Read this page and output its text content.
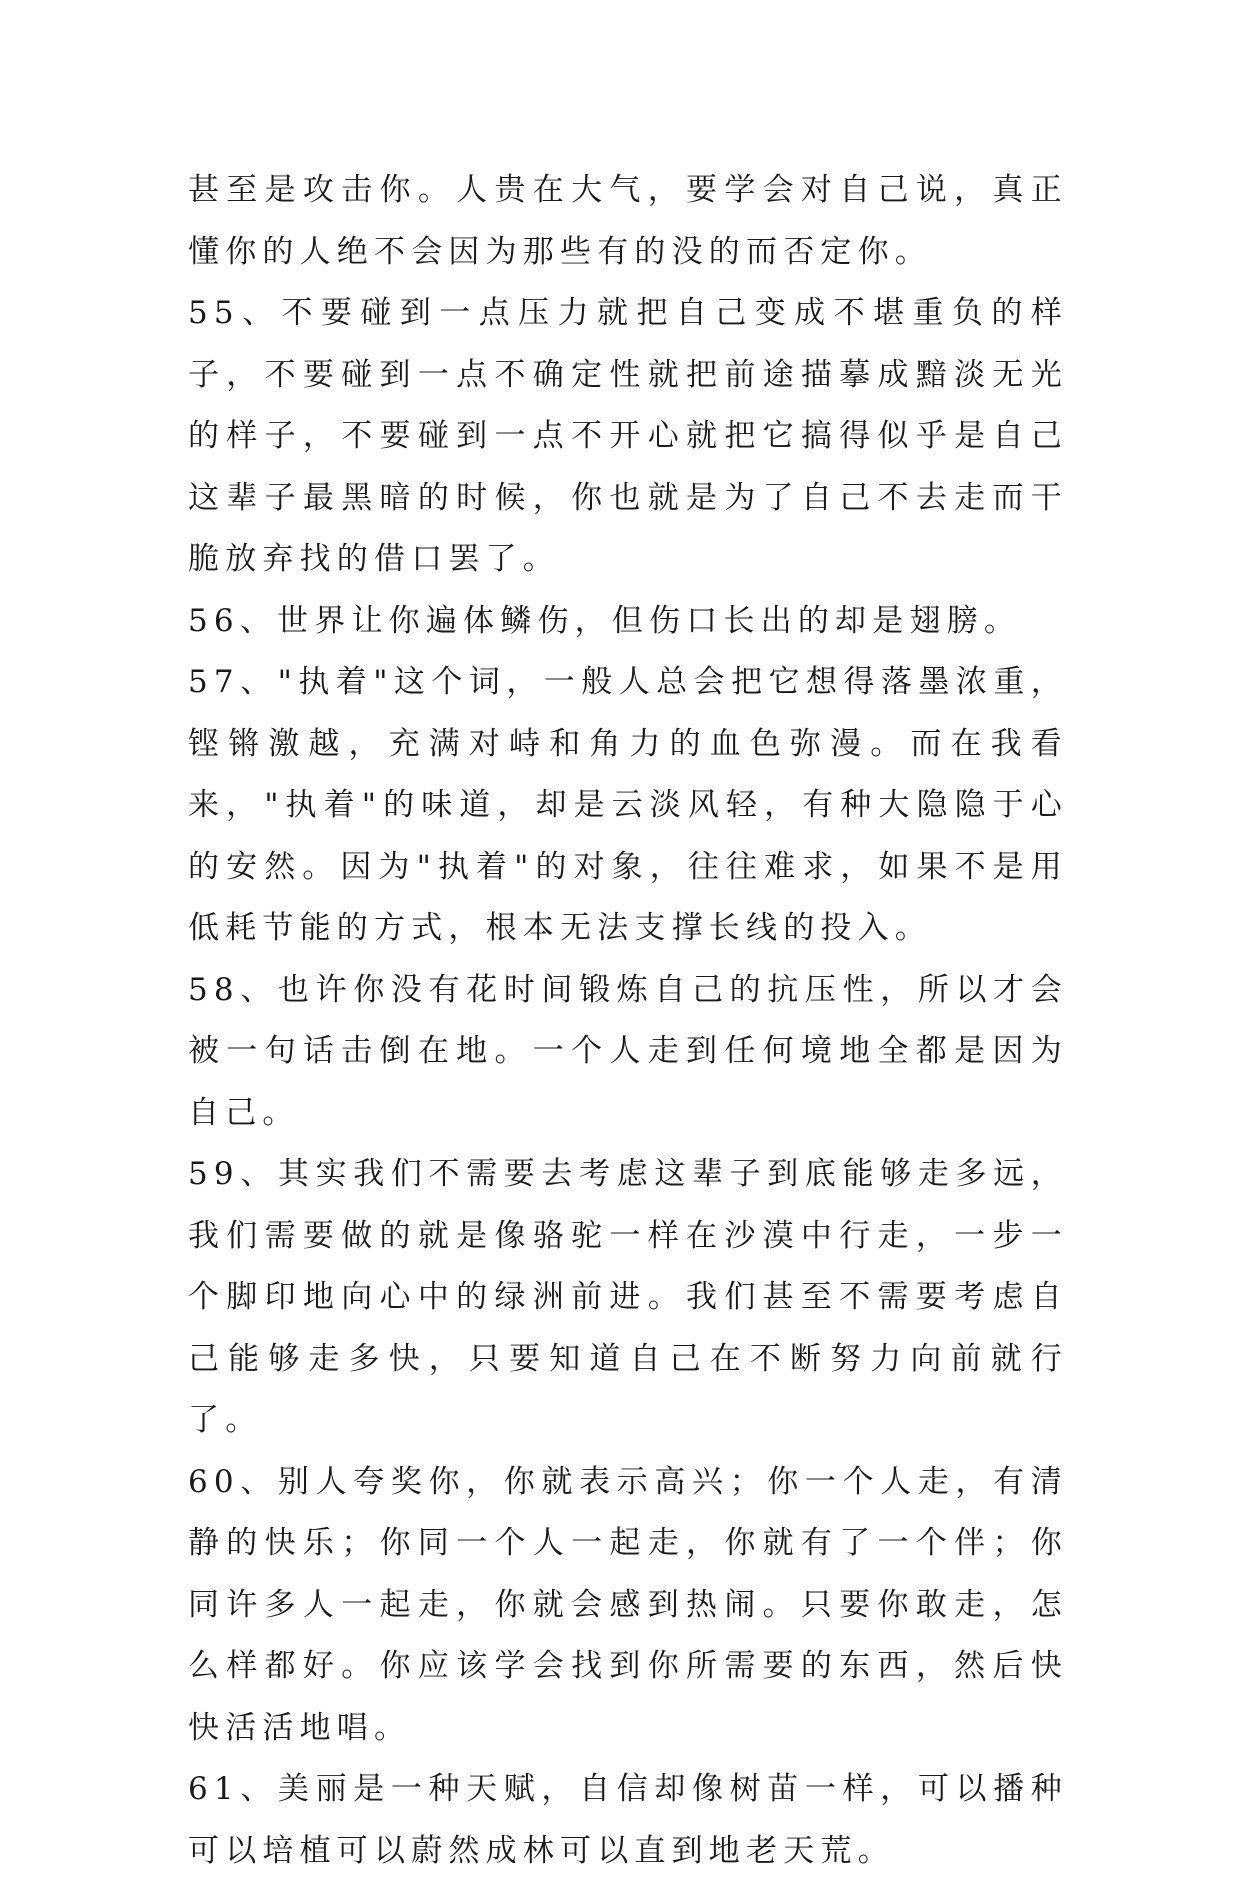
甚至是攻击你。人贵在大气，要学会对自己说，真正懂你的人绝不会因为那些有的没的而否定你。

55、不要碰到一点压力就把自己变成不堪重负的样子，不要碰到一点不确定性就把前途描摹成黯淡无光的样子，不要碰到一点不开心就把它搞得似乎是自己这辈子最黑暗的时候，你也就是为了自己不去走而干脆放弃找的借口罢了。

56、世界让你遍体鳞伤，但伤口长出的却是翅膀。

57、"执着"这个词，一般人总会把它想得落墨浓重，铿锵激越，充满对峙和角力的血色弥漫。而在我看来，"执着"的味道，却是云淡风轻，有种大隐隐于心的安然。因为"执着"的对象，往往难求，如果不是用低耗节能的方式，根本无法支撑长线的投入。

58、也许你没有花时间锻炼自己的抗压性，所以才会被一句话击倒在地。一个人走到任何境地全都是因为自己。

59、其实我们不需要去考虑这辈子到底能够走多远，我们需要做的就是像骆驼一样在沙漠中行走，一步一个脚印地向心中的绿洲前进。我们甚至不需要考虑自己能够走多快，只要知道自己在不断努力向前就行了。

60、别人夸奖你，你就表示高兴；你一个人走，有清静的快乐；你同一个人一起走，你就有了一个伴；你同许多人一起走，你就会感到热闹。只要你敢走，怎么样都好。你应该学会找到你所需要的东西，然后快快活活地唱。

61、美丽是一种天赋，自信却像树苗一样，可以播种可以培植可以蔚然成林可以直到地老天荒。
